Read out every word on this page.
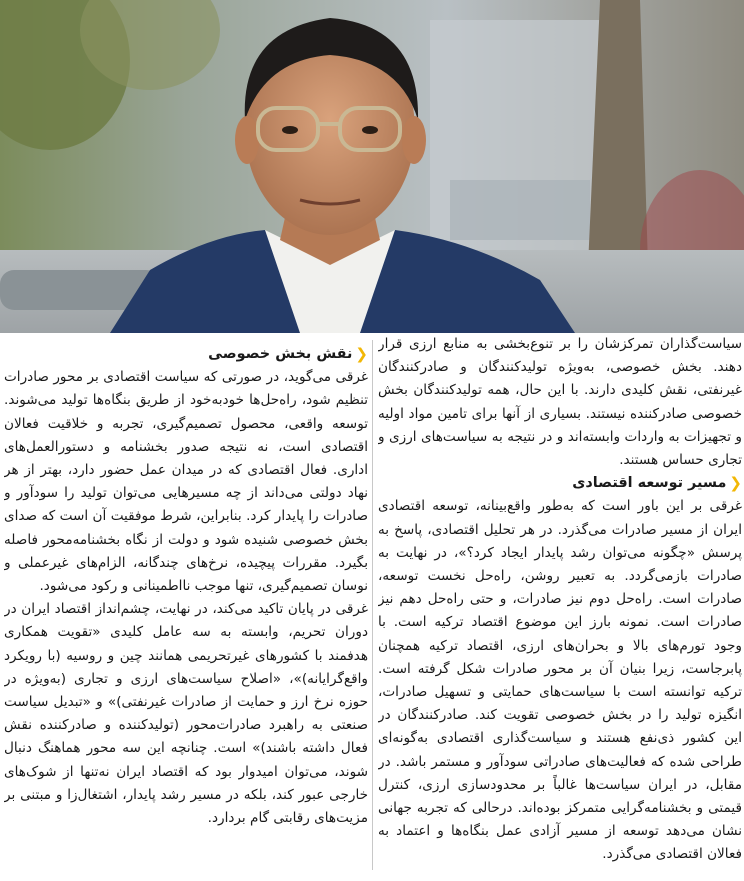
سیاست‌گذاران تمرکزشان را بر تنوع‌بخشی به منابع ارزی قرار دهند. بخش خصوصی، به‌ویژه تولیدکنندگان و صادرکنندگان غیرنفتی، نقش کلیدی دارند. با این حال، همه تولیدکنندگان بخش خصوصی صادرکننده نیستند. بسیاری از آنها برای تامین مواد اولیه و تجهیزات به واردات وابسته‌اند و در نتیجه به سیاست‌های ارزی و تجاری حساس هستند.

❮
مسیر توسعه اقتصادی

غرقی بر این باور است که به‌طور واقع‌بینانه، توسعه اقتصادی ایران از مسیر صادرات می‌گذرد. در هر تحلیل اقتصادی، پاسخ به پرسش «چگونه می‌توان رشد پایدار ایجاد کرد؟»، در نهایت به صادرات بازمی‌گردد. به تعبیر روشن، راه‌حل نخست توسعه، صادرات است. راه‌حل دوم نیز صادرات، و حتی راه‌حل دهم نیز صادرات است. نمونه بارز این موضوع اقتصاد ترکیه است. با وجود تورم‌های بالا و بحران‌های ارزی، اقتصاد ترکیه همچنان پابرجاست، زیرا بنیان آن بر محور صادرات شکل گرفته است. ترکیه توانسته است با سیاست‌های حمایتی و تسهیل صادرات، انگیزه تولید را در بخش خصوصی تقویت کند. صادرکنندگان در این کشور ذی‌نفع هستند و سیاست‌گذاری اقتصادی به‌گونه‌ای طراحی شده که فعالیت‌های صادراتی سودآور و مستمر باشد. در مقابل، در ایران سیاست‌ها غالباً بر محدودسازی ارزی، کنترل قیمتی و بخشنامه‌گرایی متمرکز بوده‌اند. درحالی که تجربه جهانی نشان می‌دهد توسعه از مسیر آزادی عمل بنگاه‌ها و اعتماد به فعالان اقتصادی می‌گذرد.

❮
نقش بخش خصوصی

غرقی می‌گوید، در صورتی که سیاست اقتصادی بر محور صادرات تنظیم شود، راه‌حل‌ها خودبه‌خود از طریق بنگاه‌ها تولید می‌شوند. توسعه واقعی، محصول تصمیم‌گیری، تجربه و خلاقیت فعالان اقتصادی است، نه نتیجه صدور بخشنامه و دستورالعمل‌های اداری. فعال اقتصادی که در میدان عمل حضور دارد، بهتر از هر نهاد دولتی می‌داند از چه مسیرهایی می‌توان تولید را سودآور و صادرات را پایدار کرد. بنابراین، شرط موفقیت آن است که صدای بخش خصوصی شنیده شود و دولت از نگاه بخشنامه‌محور فاصله بگیرد. مقررات پیچیده، نرخ‌های چندگانه، الزام‌های غیرعملی و نوسان تصمیم‌گیری، تنها موجب نااطمینانی و رکود می‌شود.

غرقی در پایان تاکید می‌کند، در نهایت، چشم‌انداز اقتصاد ایران در دوران تحریم، وابسته به سه عامل کلیدی «تقویت همکاری هدفمند با کشورهای غیرتحریمی همانند چین و روسیه (با رویکرد واقع‌گرایانه)»، «اصلاح سیاست‌های ارزی و تجاری (به‌ویژه در حوزه نرخ ارز و حمایت از صادرات غیرنفتی)» و «تبدیل سیاست صنعتی به راهبرد صادرات‌محور (تولیدکننده و صادرکننده نقش فعال داشته باشند)» است. چنانچه این سه محور هماهنگ دنبال شوند، می‌توان امیدوار بود که اقتصاد ایران نه‌تنها از شوک‌های خارجی عبور کند، بلکه در مسیر رشد پایدار، اشتغال‌زا و مبتنی بر مزیت‌های رقابتی گام بردارد.
